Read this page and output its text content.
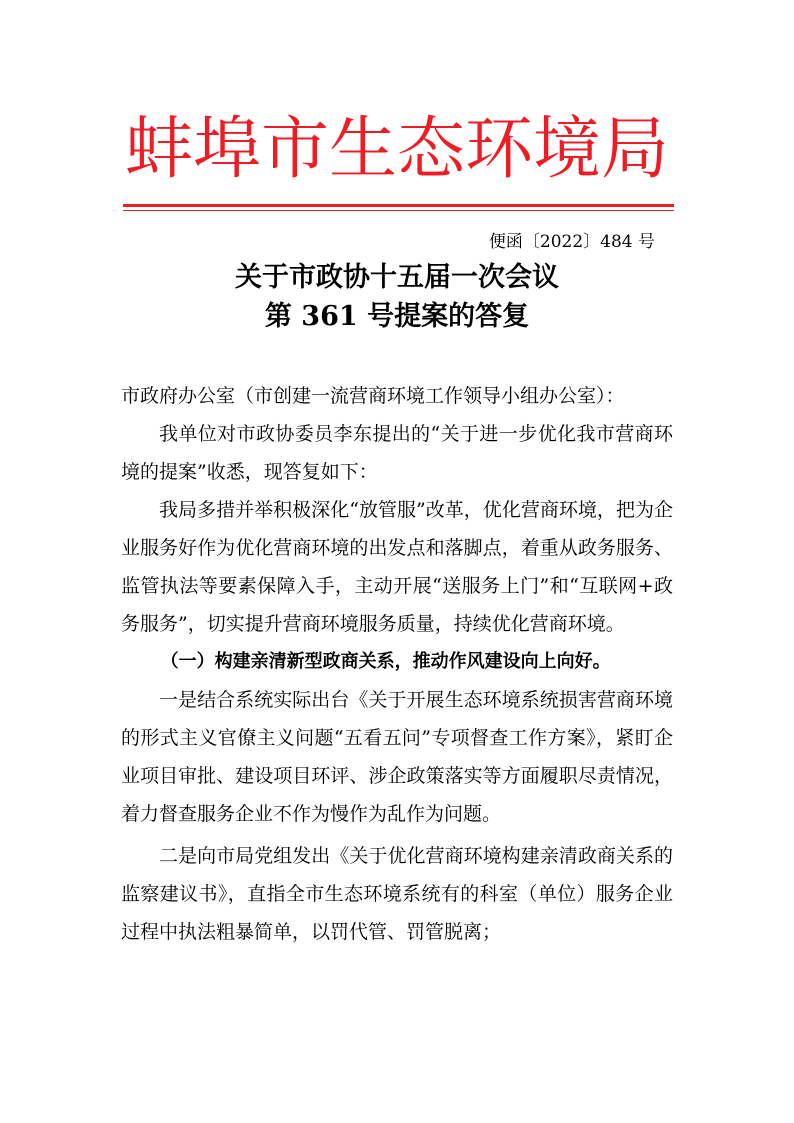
蚌埠市生态环境局
便函〔2022〕484 号
关于市政协十五届一次会议
第 361 号提案的答复

市政府办公室（市创建一流营商环境工作领导小组办公室）：

我单位对市政协委员李东提出的“关于进一步优化我市营商环境的提案”收悉，现答复如下：

我局多措并举积极深化“放管服”改革，优化营商环境，把为企业服务好作为优化营商环境的出发点和落脚点，着重从政务服务、监管执法等要素保障入手，主动开展“送服务上门”和“互联网+政务服务”，切实提升营商环境服务质量，持续优化营商环境。

（一）构建亲清新型政商关系，推动作风建设向上向好。

一是结合系统实际出台《关于开展生态环境系统损害营商环境的形式主义官僚主义问题“五看五问”专项督查工作方案》，紧盯企业项目审批、建设项目环评、涉企政策落实等方面履职尽责情况，着力督查服务企业不作为慢作为乱作为问题。

二是向市局党组发出《关于优化营商环境构建亲清政商关系的监察建议书》，直指全市生态环境系统有的科室（单位）服务企业过程中执法粗暴简单，以罚代管、罚管脱离；
